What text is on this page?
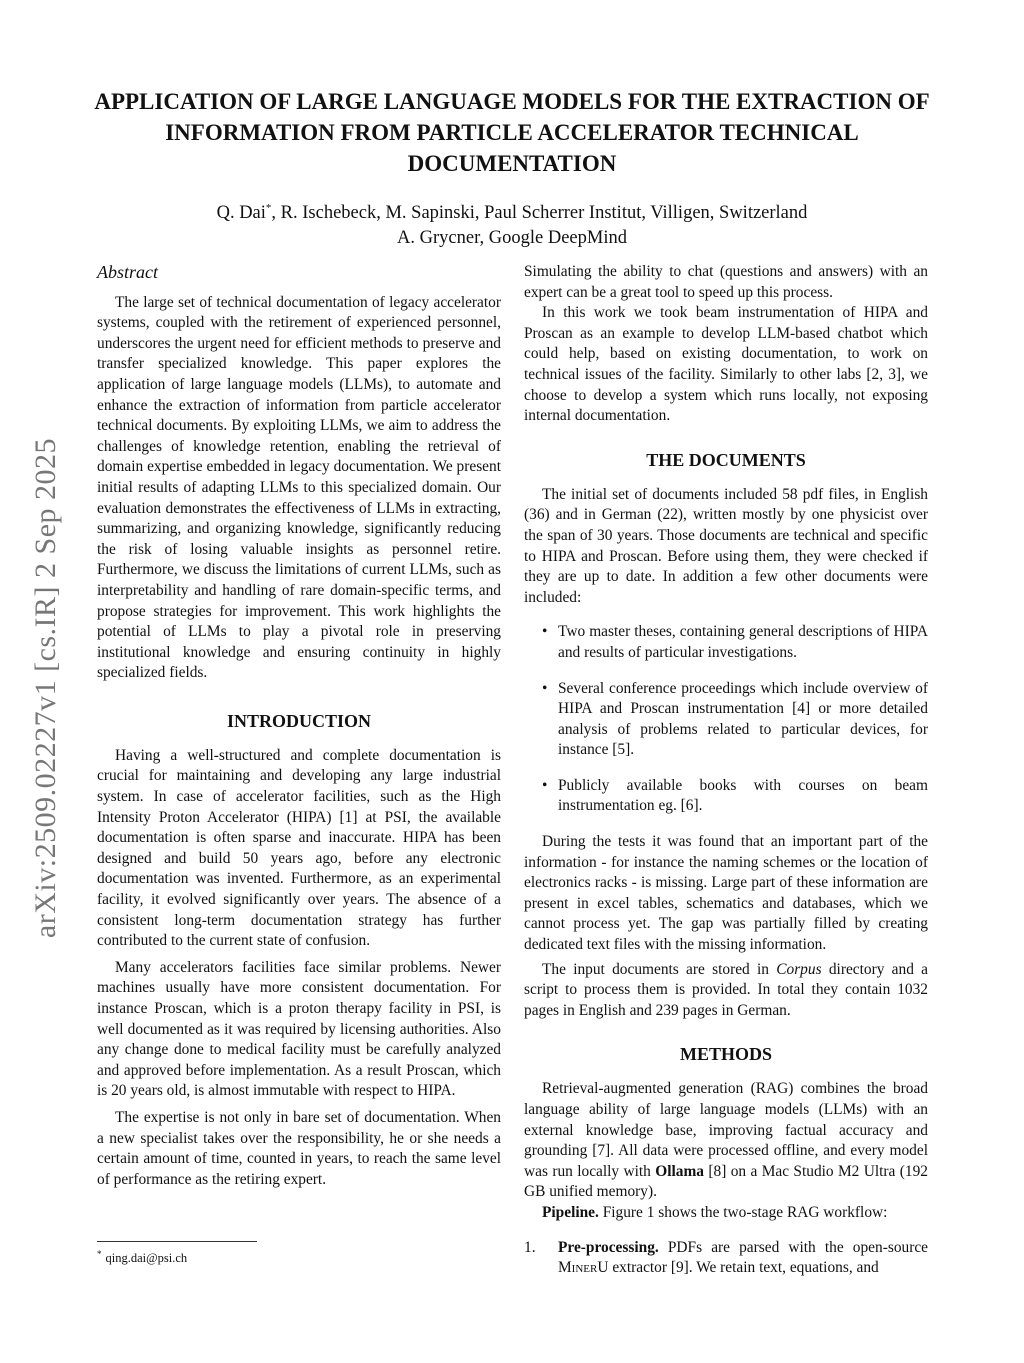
APPLICATION OF LARGE LANGUAGE MODELS FOR THE EXTRACTION OF INFORMATION FROM PARTICLE ACCELERATOR TECHNICAL DOCUMENTATION
Q. Dai*, R. Ischebeck, M. Sapinski, Paul Scherrer Institut, Villigen, Switzerland
A. Grycner, Google DeepMind
arXiv:2509.02227v1 [cs.IR] 2 Sep 2025
Abstract

The large set of technical documentation of legacy accelerator systems, coupled with the retirement of experienced personnel, underscores the urgent need for efficient methods to preserve and transfer specialized knowledge. This paper explores the application of large language models (LLMs), to automate and enhance the extraction of information from particle accelerator technical documents. By exploiting LLMs, we aim to address the challenges of knowledge retention, enabling the retrieval of domain expertise embedded in legacy documentation. We present initial results of adapting LLMs to this specialized domain. Our evaluation demonstrates the effectiveness of LLMs in extracting, summarizing, and organizing knowledge, significantly reducing the risk of losing valuable insights as personnel retire. Furthermore, we discuss the limitations of current LLMs, such as interpretability and handling of rare domain-specific terms, and propose strategies for improvement. This work highlights the potential of LLMs to play a pivotal role in preserving institutional knowledge and ensuring continuity in highly specialized fields.

INTRODUCTION

Having a well-structured and complete documentation is crucial for maintaining and developing any large industrial system. In case of accelerator facilities, such as the High Intensity Proton Accelerator (HIPA) [1] at PSI, the available documentation is often sparse and inaccurate. HIPA has been designed and build 50 years ago, before any electronic documentation was invented. Furthermore, as an experimental facility, it evolved significantly over years. The absence of a consistent long-term documentation strategy has further contributed to the current state of confusion.

Many accelerators facilities face similar problems. Newer machines usually have more consistent documentation. For instance Proscan, which is a proton therapy facility in PSI, is well documented as it was required by licensing authorities. Also any change done to medical facility must be carefully analyzed and approved before implementation. As a result Proscan, which is 20 years old, is almost immutable with respect to HIPA.

The expertise is not only in bare set of documentation. When a new specialist takes over the responsibility, he or she needs a certain amount of time, counted in years, to reach the same level of performance as the retiring expert.

Simulating the ability to chat (questions and answers) with an expert can be a great tool to speed up this process.

In this work we took beam instrumentation of HIPA and Proscan as an example to develop LLM-based chatbot which could help, based on existing documentation, to work on technical issues of the facility. Similarly to other labs [2, 3], we choose to develop a system which runs locally, not exposing internal documentation.

THE DOCUMENTS

The initial set of documents included 58 pdf files, in English (36) and in German (22), written mostly by one physicist over the span of 30 years. Those documents are technical and specific to HIPA and Proscan. Before using them, they were checked if they are up to date. In addition a few other documents were included:

• Two master theses, containing general descriptions of HIPA and results of particular investigations.
• Several conference proceedings which include overview of HIPA and Proscan instrumentation [4] or more detailed analysis of problems related to particular devices, for instance [5].
• Publicly available books with courses on beam instrumentation eg. [6].

During the tests it was found that an important part of the information - for instance the naming schemes or the location of electronics racks - is missing. Large part of these information are present in excel tables, schematics and databases, which we cannot process yet. The gap was partially filled by creating dedicated text files with the missing information.

The input documents are stored in Corpus directory and a script to process them is provided. In total they contain 1032 pages in English and 239 pages in German.

METHODS

Retrieval-augmented generation (RAG) combines the broad language ability of large language models (LLMs) with an external knowledge base, improving factual accuracy and grounding [7]. All data were processed offline, and every model was run locally with Ollama [8] on a Mac Studio M2 Ultra (192 GB unified memory).

Pipeline. Figure 1 shows the two-stage RAG workflow:

1. Pre-processing. PDFs are parsed with the open-source MinerU extractor [9]. We retain text, equations, and
* qing.dai@psi.ch
